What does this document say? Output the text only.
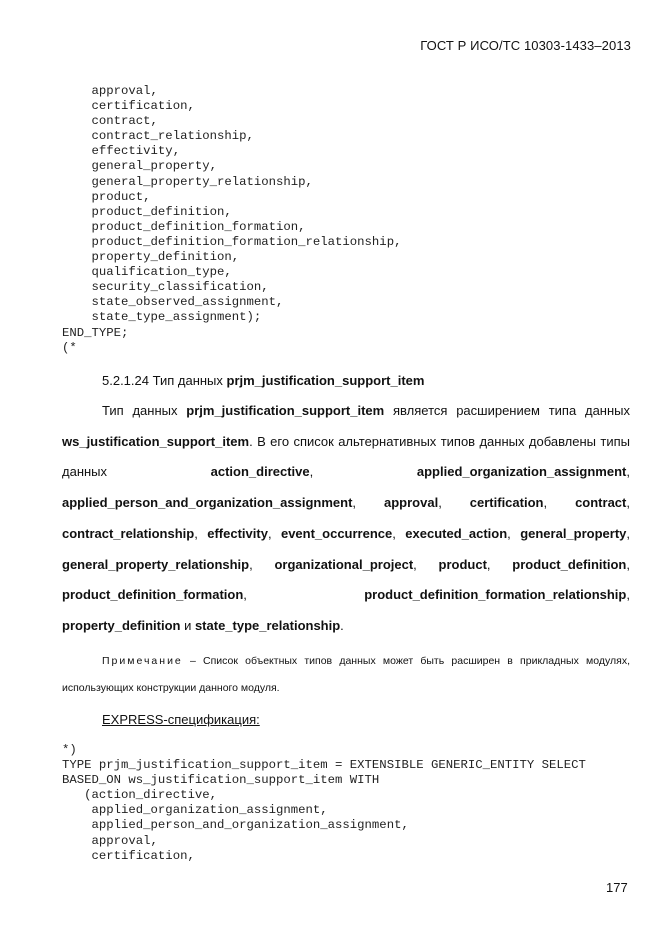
ГОСТ Р ИСО/ТС 10303-1433–2013
approval,
certification,
contract,
contract_relationship,
effectivity,
general_property,
general_property_relationship,
product,
product_definition,
product_definition_formation,
product_definition_formation_relationship,
property_definition,
qualification_type,
security_classification,
state_observed_assignment,
state_type_assignment);
END_TYPE;
(*
5.2.1.24 Тип данных prjm_justification_support_item
Тип данных prjm_justification_support_item является расширением типа данных ws_justification_support_item. В его список альтернативных типов данных добавлены типы данных action_directive, applied_organization_assignment, applied_person_and_organization_assignment, approval, certification, contract, contract_relationship, effectivity, event_occurrence, executed_action, general_property, general_property_relationship, organizational_project, product, product_definition, product_definition_formation, product_definition_formation_relationship, property_definition и state_type_relationship.
Примечание – Список объектных типов данных может быть расширен в прикладных модулях, использующих конструкции данного модуля.
EXPRESS-спецификация:
*)
TYPE prjm_justification_support_item = EXTENSIBLE GENERIC_ENTITY SELECT
BASED_ON ws_justification_support_item WITH
(action_directive,
applied_organization_assignment,
applied_person_and_organization_assignment,
approval,
certification,
177
